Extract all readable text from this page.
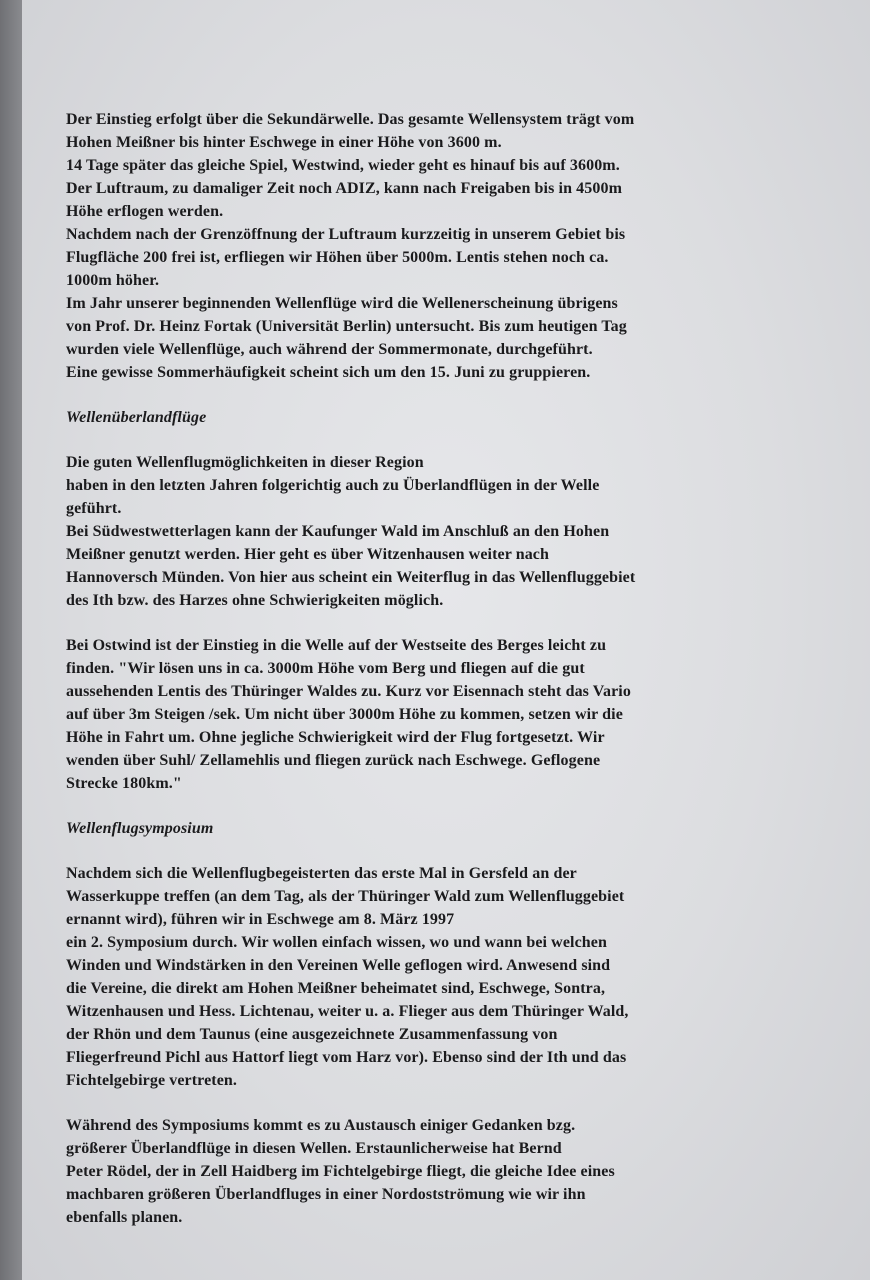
Der Einstieg erfolgt über die Sekundärwelle. Das gesamte Wellensystem trägt vom
Hohen Meißner bis hinter Eschwege in einer Höhe von 3600 m.
14 Tage später das gleiche Spiel, Westwind, wieder geht es hinauf bis auf 3600m.
Der Luftraum, zu damaliger Zeit noch ADIZ, kann nach Freigaben bis in 4500m
Höhe erflogen werden.
Nachdem nach der Grenzöffnung der Luftraum kurzzeitig in unserem Gebiet bis
Flugfläche 200 frei ist, erfliegen wir Höhen über 5000m. Lentis stehen noch ca.
1000m höher.
Im Jahr unserer beginnenden Wellenflüge wird die Wellenerscheinung übrigens
von Prof. Dr. Heinz Fortak (Universität Berlin) untersucht. Bis zum heutigen Tag
wurden viele Wellenflüge, auch während der Sommermonate, durchgeführt.
Eine gewisse Sommerhäufigkeit scheint sich um den 15. Juni zu gruppieren.

Wellenüberlandflüge

Die guten Wellenflugmöglichkeiten in dieser Region
haben in den letzten Jahren folgerichtig auch zu Überlandflügen in der Welle
geführt.
Bei Südwestwetterlagen kann der Kaufunger Wald im Anschluß an den Hohen
Meißner genutzt werden. Hier geht es über Witzenhausen weiter nach
Hannoversch Münden. Von hier aus scheint ein Weiterflug in das Wellenfluggebiet
des Ith bzw. des Harzes ohne Schwierigkeiten möglich.

Bei Ostwind ist der Einstieg in die Welle auf der Westseite des Berges leicht zu
finden. "Wir lösen uns in ca. 3000m Höhe vom Berg und fliegen auf die gut
aussehenden Lentis des Thüringer Waldes zu. Kurz vor Eisennach steht das Vario
auf über 3m Steigen /sek. Um nicht über 3000m Höhe zu kommen, setzen wir die
Höhe in Fahrt um. Ohne jegliche Schwierigkeit wird der Flug fortgesetzt. Wir
wenden über Suhl/ Zellamehlis und fliegen zurück nach Eschwege. Geflogene
Strecke 180km."

Wellenflugsymposium

Nachdem sich die Wellenflugbegeisterten das erste Mal in Gersfeld an der
Wasserkuppe treffen (an dem Tag, als der Thüringer Wald zum Wellenfluggebiet
ernannt wird), führen wir in Eschwege am 8. März 1997
ein 2. Symposium durch. Wir wollen einfach wissen, wo und wann bei welchen
Winden und Windstärken in den Vereinen Welle geflogen wird. Anwesend sind
die Vereine, die direkt am Hohen Meißner beheimatet sind, Eschwege, Sontra,
Witzenhausen und Hess. Lichtenau, weiter u. a. Flieger aus dem Thüringer Wald,
der Rhön und dem Taunus (eine ausgezeichnete Zusammenfassung von
Fliegerfreund Pichl aus Hattorf liegt vom Harz vor). Ebenso sind der Ith und das
Fichtelgebirge vertreten.

Während des Symposiums kommt es zu Austausch einiger Gedanken bzg.
größerer Überlandflüge in diesen Wellen. Erstaunlicherweise hat Bernd
Peter Rödel, der in Zell Haidberg im Fichtelgebirge fliegt, die gleiche Idee eines
machbaren größeren Überlandfluges in einer Nordostströmung wie wir ihn
ebenfalls planen.
